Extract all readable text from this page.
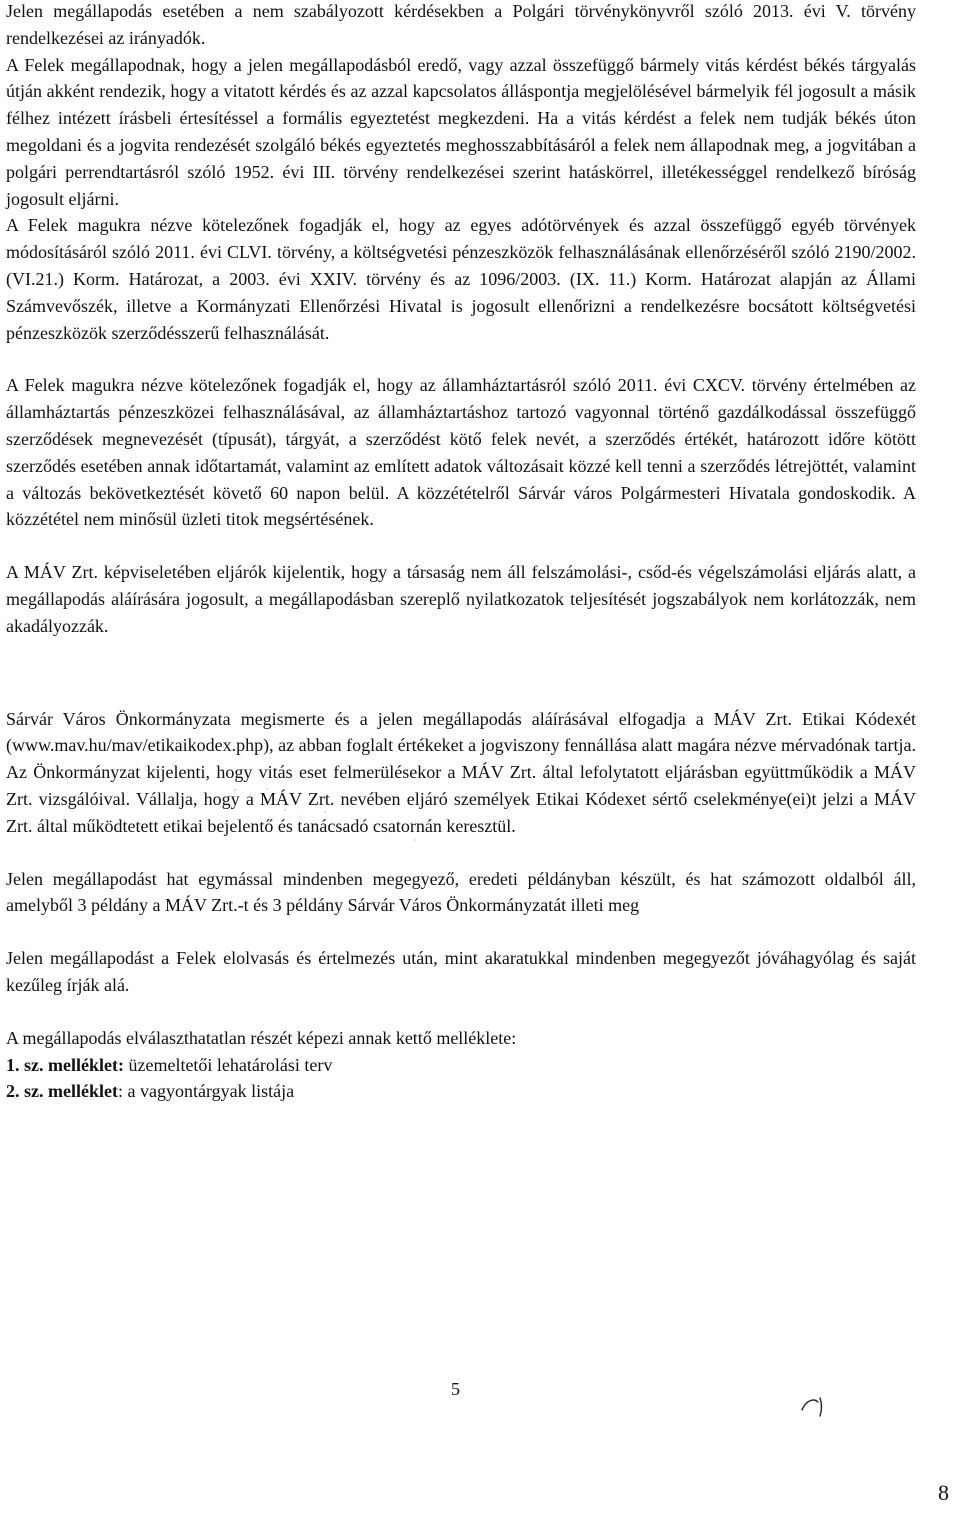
Jelen megállapodás esetében a nem szabályozott kérdésekben a Polgári törvénykönyvről szóló 2013. évi V. törvény rendelkezései az irányadók.

A Felek megállapodnak, hogy a jelen megállapodásból eredő, vagy azzal összefüggő bármely vitás kérdést békés tárgyalás útján akként rendezik, hogy a vitatott kérdés és az azzal kapcsolatos álláspontja megjelölésével bármelyik fél jogosult a másik félhez intézett írásbeli értesítéssel a formális egyeztetést megkezdeni. Ha a vitás kérdést a felek nem tudják békés úton megoldani és a jogvita rendezését szolgáló békés egyeztetés meghosszabbításáról a felek nem állapodnak meg, a jogvitában a polgári perrendtartásról szóló 1952. évi III. törvény rendelkezései szerint hatáskörrel, illetékességgel rendelkező bíróság jogosult eljárni.

A Felek magukra nézve kötelezőnek fogadják el, hogy az egyes adótörvények és azzal összefüggő egyéb törvények módosításáról szóló 2011. évi CLVI. törvény, a költségvetési pénzeszközök felhasználásának ellenőrzéséről szóló 2190/2002. (VI.21.) Korm. Határozat, a 2003. évi XXIV. törvény és az 1096/2003. (IX. 11.) Korm. Határozat alapján az Állami Számvevőszék, illetve a Kormányzati Ellenőrzési Hivatal is jogosult ellenőrizni a rendelkezésre bocsátott költségvetési pénzeszközök szerződésszerű felhasználását.

A Felek magukra nézve kötelezőnek fogadják el, hogy az államháztartásról szóló 2011. évi CXCV. törvény értelmében az államháztartás pénzeszközei felhasználásával, az államháztartáshoz tartozó vagyonnal történő gazdálkodással összefüggő szerződések megnevezését (típusát), tárgyát, a szerződést kötő felek nevét, a szerződés értékét, határozott időre kötött szerződés esetében annak időtartamát, valamint az említett adatok változásait közzé kell tenni a szerződés létrejöttét, valamint a változás bekövetkeztését követő 60 napon belül. A közzétételről Sárvár város Polgármesteri Hivatala gondoskodik. A közzététel nem minősül üzleti titok megsértésének.

A MÁV Zrt. képviseletében eljárók kijelentik, hogy a társaság nem áll felszámolási-, csőd-és végelszámolási eljárás alatt, a megállapodás aláírására jogosult, a megállapodásban szereplő nyilatkozatok teljesítését jogszabályok nem korlátozzák, nem akadályozzák.

Sárvár Város Önkormányzata megismerte és a jelen megállapodás aláírásával elfogadja a MÁV Zrt. Etikai Kódexét (www.mav.hu/mav/etikaikodex.php), az abban foglalt értékeket a jogviszony fennállása alatt magára nézve mérvadónak tartja. Az Önkormányzat kijelenti, hogy vitás eset felmerülésekor a MÁV Zrt. által lefolytatott eljárásban együttműködik a MÁV Zrt. vizsgálóival. Vállalja, hogy a MÁV Zrt. nevében eljáró személyek Etikai Kódexet sértő cselekménye(ei)t jelzi a MÁV Zrt. által működtetett etikai bejelentő és tanácsadó csatornán keresztül.

Jelen megállapodást hat egymással mindenben megegyező, eredeti példányban készült, és hat számozott oldalból áll, amelyből 3 példány a MÁV Zrt.-t és 3 példány Sárvár Város Önkormányzatát illeti meg

Jelen megállapodást a Felek elolvasás és értelmezés után, mint akaratukkal mindenben megegyezőt jóváhagyólag és saját kezűleg írják alá.

A megállapodás elválaszthatatlan részét képezi annak kettő melléklete:

1. sz. melléklet: üzemeltetői lehatárolási terv
2. sz. melléklet: a vagyontárgyak listája
5
8
